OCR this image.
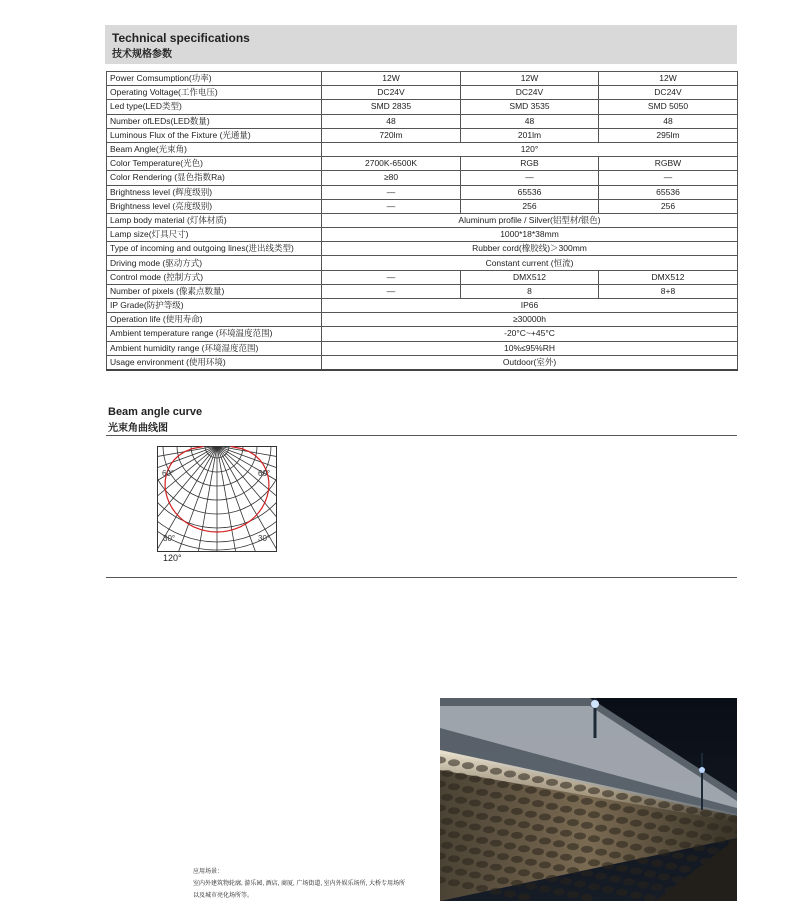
Technical specifications
技术规格参数
Power Comsumption(功率)	12W	12W	12W
Operating Voltage(工作电压)	DC24V	DC24V	DC24V
Led type(LED类型)	SMD 2835	SMD 3535	SMD 5050
Number ofLEDs(LED数量)	48	48	48
Luminous Flux of the Fixture (光通量)	720lm	201lm	295lm
Beam Angle(光束角)	120°		
Color Temperature(光色)	2700K-6500K	RGB	RGBW
Color Rendering (显色指数Ra)	≥80	—	—
Brightness level (辉度级别)	—	65536	65536
Brightness level (亮度级别)	—	256	256
Lamp body material (灯体材质)	Aluminum profile / Silver(铝型材/银色)		
Lamp size(灯具尺寸)	1000*18*38mm		
Type of incoming and outgoing lines(进出线类型)	Rubber cord(橡胶线)＞300mm		
Driving mode (驱动方式)	Constant current (恒流)		
Control mode (控制方式)	—	DMX512	DMX512
Number of pixels (像素点数量)	—	8	8+8
IP Grade(防护等级)	IP66		
Operation life (使用寿命)	≥30000h		
Ambient temperature range (环境温度范围)	-20°C~+45°C		
Ambient humidity range (环境湿度范围)	10%≤95%RH		
Usage environment (使用环境)	Outdoor(室外)		
Beam angle curve
光束角曲线图
60°	60°
30°	30°
120°
应用场景：
室内外建筑物轮廓, 游乐园, 酒店, 商厦, 广场街道, 室内外娱乐场所, 大桥专用场所
以及城市亮化场所等。
